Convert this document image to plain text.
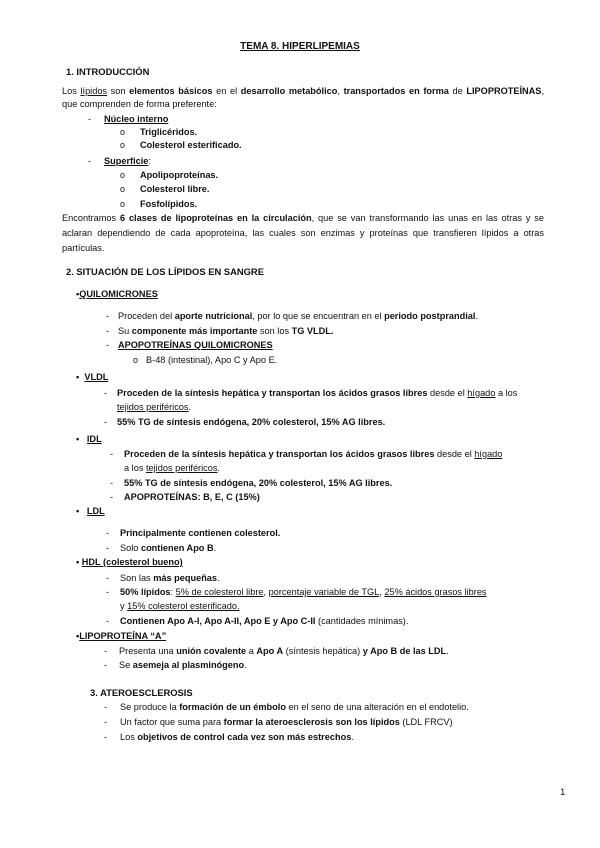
TEMA 8. HIPERLIPEMIAS
1. INTRODUCCIÓN
Los lípidos son elementos básicos en el desarrollo metabólico, transportados en forma de LIPOPROTEÍNAS, que comprenden de forma preferente:
- Núcleo interno
o Triglicéridos.
o Colesterol esterificado.
- Superficie:
o Apolipoproteínas.
o Colesterol libre.
o Fosfolípidos.
Encontramos 6 clases de lipoproteínas en la circulación, que se van transformando las unas en las otras y se aclaran dependiendo de cada apoproteína, las cuales son enzimas y proteínas que transfieren lípidos a otras partículas.
2. SITUACIÓN DE LOS LÍPIDOS EN SANGRE
•QUILOMICRONES
- Proceden del aporte nutricional, por lo que se encuentran en el periodo postprandial.
- Su componente más importante son los TG VLDL.
- APOPOTREÍNAS QUILOMICRONES
o B-48 (intestinal), Apo C y Apo E.
•  VLDL
- Proceden de la síntesis hepática y transportan los ácidos grasos libres desde el hígado a los
tejidos periféricos.
- 55% TG de síntesis endógena, 20% colesterol, 15% AG libres.
•   IDL
- Proceden de la síntesis hepática y transportan los ácidos grasos libres desde el hígado
a los tejidos periféricos.
- 55% TG de síntesis endógena, 20% colesterol, 15% AG libres.
- APOPROTEÍNAS: B, E, C (15%)
•   LDL
- Principalmente contienen colesterol.
- Solo contienen Apo B.
• HDL (colesterol bueno)
- Son las más pequeñas.
- 50% lípidos: 5% de colesterol libre, porcentaje variable de TGL, 25% ácidos grasos libres
y 15% colesterol esterificado.
- Contienen Apo A-I, Apo A-II, Apo E y Apo C-II (cantidades mínimas).
•LIPOPROTEÍNA “A”
- Presenta una unión covalente a Apo A (síntesis hepática) y Apo B de las LDL.
- Se asemeja al plasminógeno.
3. ATEROESCLEROSIS
- Se produce la formación de un émbolo en el seno de una alteración en el endotelio.
- Un factor que suma para formar la ateroesclerosis son los lípidos (LDL FRCV)
- Los objetivos de control cada vez son más estrechos.
1
